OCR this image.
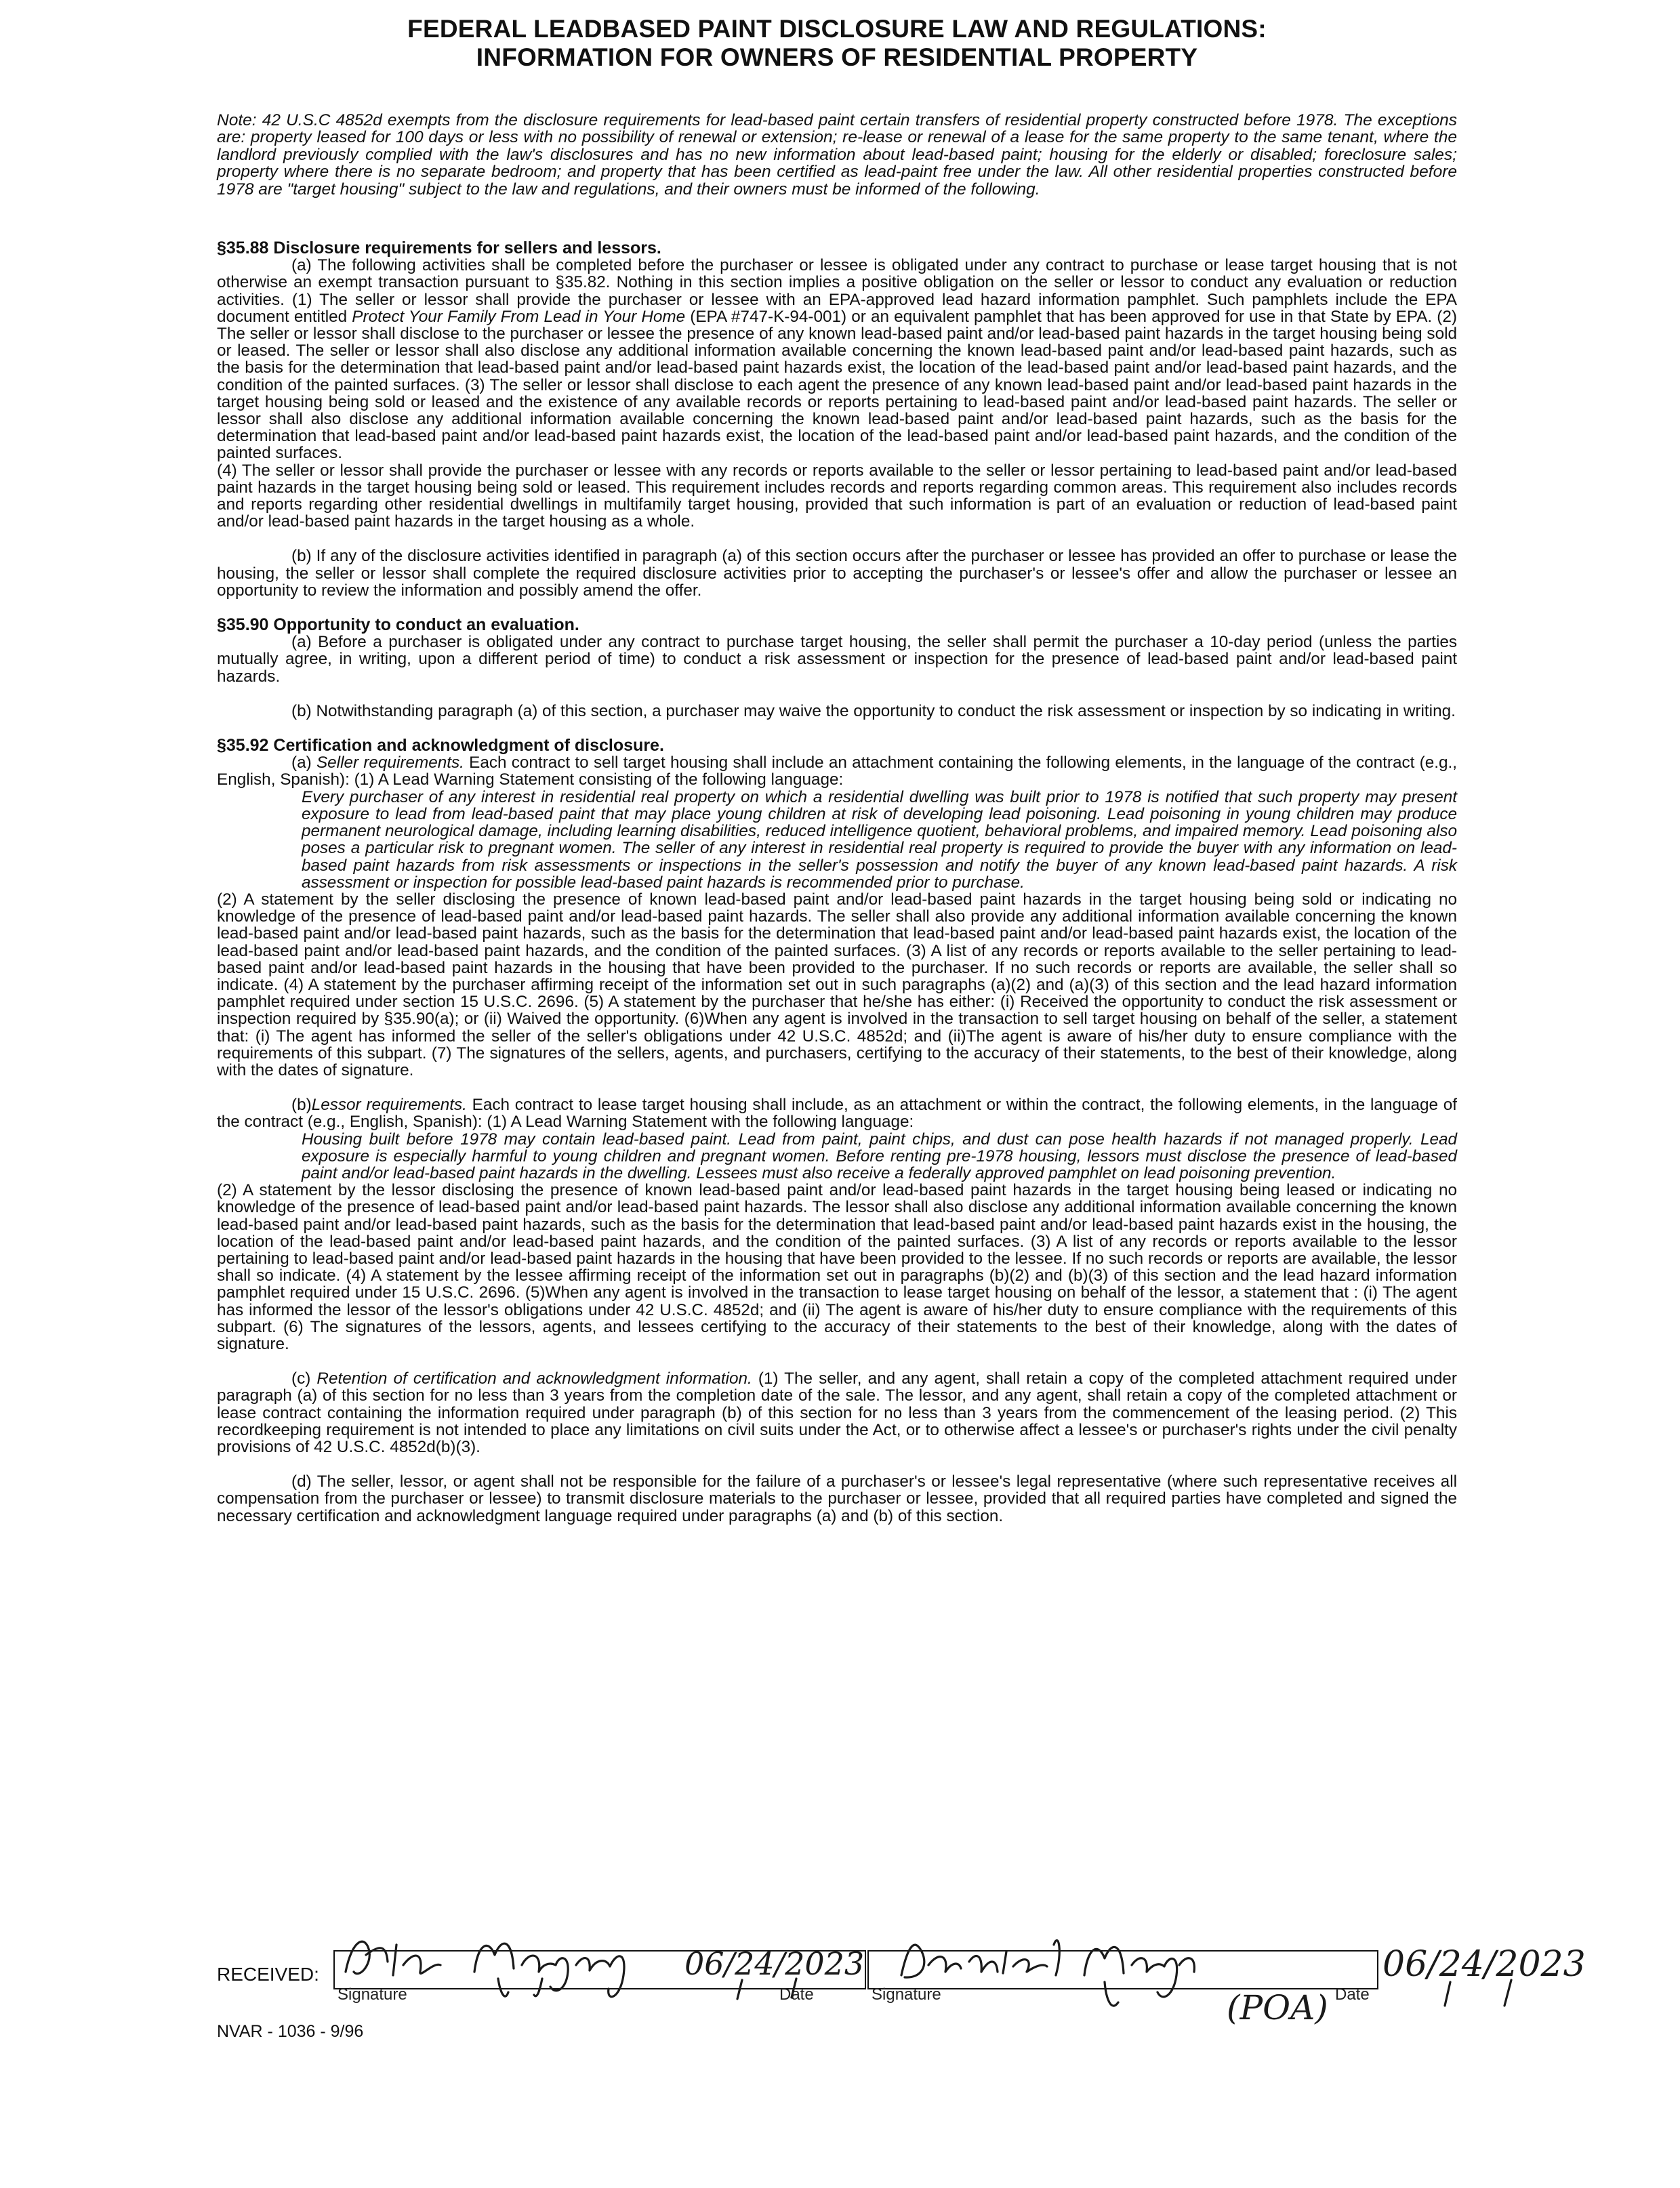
FEDERAL LEADBASED PAINT DISCLOSURE LAW AND REGULATIONS:
INFORMATION FOR OWNERS OF RESIDENTIAL PROPERTY

Note: 42 U.S.C 4852d exempts from the disclosure requirements for lead-based paint certain transfers of residential property constructed before 1978. The exceptions are: property leased for 100 days or less with no possibility of renewal or extension; re-lease or renewal of a lease for the same property to the same tenant, where the landlord previously complied with the law's disclosures and has no new information about lead-based paint; housing for the elderly or disabled; foreclosure sales; property where there is no separate bedroom; and property that has been certified as lead-paint free under the law. All other residential properties constructed before 1978 are "target housing" subject to the law and regulations, and their owners must be informed of the following.

§35.88 Disclosure requirements for sellers and lessors.

(a) The following activities shall be completed before the purchaser or lessee is obligated under any contract to purchase or lease target housing that is not otherwise an exempt transaction pursuant to §35.82. Nothing in this section implies a positive obligation on the seller or lessor to conduct any evaluation or reduction activities. (1) The seller or lessor shall provide the purchaser or lessee with an EPA-approved lead hazard information pamphlet. Such pamphlets include the EPA document entitled Protect Your Family From Lead in Your Home (EPA #747-K-94-001) or an equivalent pamphlet that has been approved for use in that State by EPA. (2) The seller or lessor shall disclose to the purchaser or lessee the presence of any known lead-based paint and/or lead-based paint hazards in the target housing being sold or leased. The seller or lessor shall also disclose any additional information available concerning the known lead-based paint and/or lead-based paint hazards, such as the basis for the determination that lead-based paint and/or lead-based paint hazards exist, the location of the lead-based paint and/or lead-based paint hazards, and the condition of the painted surfaces. (3) The seller or lessor shall disclose to each agent the presence of any known lead-based paint and/or lead-based paint hazards in the target housing being sold or leased and the existence of any available records or reports pertaining to lead-based paint and/or lead-based paint hazards. The seller or lessor shall also disclose any additional information available concerning the known lead-based paint and/or lead-based paint hazards, such as the basis for the determination that lead-based paint and/or lead-based paint hazards exist, the location of the lead-based paint and/or lead-based paint hazards, and the condition of the painted surfaces.

(4) The seller or lessor shall provide the purchaser or lessee with any records or reports available to the seller or lessor pertaining to lead-based paint and/or lead-based paint hazards in the target housing being sold or leased. This requirement includes records and reports regarding common areas. This requirement also includes records and reports regarding other residential dwellings in multifamily target housing, provided that such information is part of an evaluation or reduction of lead-based paint and/or lead-based paint hazards in the target housing as a whole.

(b) If any of the disclosure activities identified in paragraph (a) of this section occurs after the purchaser or lessee has provided an offer to purchase or lease the housing, the seller or lessor shall complete the required disclosure activities prior to accepting the purchaser's or lessee's offer and allow the purchaser or lessee an opportunity to review the information and possibly amend the offer.

§35.90 Opportunity to conduct an evaluation.

(a) Before a purchaser is obligated under any contract to purchase target housing, the seller shall permit the purchaser a 10-day period (unless the parties mutually agree, in writing, upon a different period of time) to conduct a risk assessment or inspection for the presence of lead-based paint and/or lead-based paint hazards.

(b) Notwithstanding paragraph (a) of this section, a purchaser may waive the opportunity to conduct the risk assessment or inspection by so indicating in writing.

§35.92 Certification and acknowledgment of disclosure.

(a) Seller requirements. Each contract to sell target housing shall include an attachment containing the following elements, in the language of the contract (e.g., English, Spanish): (1) A Lead Warning Statement consisting of the following language:

Every purchaser of any interest in residential real property on which a residential dwelling was built prior to 1978 is notified that such property may present exposure to lead from lead-based paint that may place young children at risk of developing lead poisoning. Lead poisoning in young children may produce permanent neurological damage, including learning disabilities, reduced intelligence quotient, behavioral problems, and impaired memory. Lead poisoning also poses a particular risk to pregnant women. The seller of any interest in residential real property is required to provide the buyer with any information on lead-based paint hazards from risk assessments or inspections in the seller's possession and notify the buyer of any known lead-based paint hazards. A risk assessment or inspection for possible lead-based paint hazards is recommended prior to purchase.

(2) A statement by the seller disclosing the presence of known lead-based paint and/or lead-based paint hazards in the target housing being sold or indicating no knowledge of the presence of lead-based paint and/or lead-based paint hazards. The seller shall also provide any additional information available concerning the known lead-based paint and/or lead-based paint hazards, such as the basis for the determination that lead-based paint and/or lead-based paint hazards exist, the location of the lead-based paint and/or lead-based paint hazards, and the condition of the painted surfaces. (3) A list of any records or reports available to the seller pertaining to lead-based paint and/or lead-based paint hazards in the housing that have been provided to the purchaser. If no such records or reports are available, the seller shall so indicate. (4) A statement by the purchaser affirming receipt of the information set out in such paragraphs (a)(2) and (a)(3) of this section and the lead hazard information pamphlet required under section 15 U.S.C. 2696. (5) A statement by the purchaser that he/she has either: (i) Received the opportunity to conduct the risk assessment or inspection required by §35.90(a); or (ii) Waived the opportunity. (6)When any agent is involved in the transaction to sell target housing on behalf of the seller, a statement that: (i) The agent has informed the seller of the seller's obligations under 42 U.S.C. 4852d; and (ii)The agent is aware of his/her duty to ensure compliance with the requirements of this subpart. (7) The signatures of the sellers, agents, and purchasers, certifying to the accuracy of their statements, to the best of their knowledge, along with the dates of signature.

(b)Lessor requirements. Each contract to lease target housing shall include, as an attachment or within the contract, the following elements, in the language of the contract (e.g., English, Spanish): (1) A Lead Warning Statement with the following language:

Housing built before 1978 may contain lead-based paint. Lead from paint, paint chips, and dust can pose health hazards if not managed properly. Lead exposure is especially harmful to young children and pregnant women. Before renting pre-1978 housing, lessors must disclose the presence of lead-based paint and/or lead-based paint hazards in the dwelling. Lessees must also receive a federally approved pamphlet on lead poisoning prevention.

(2) A statement by the lessor disclosing the presence of known lead-based paint and/or lead-based paint hazards in the target housing being leased or indicating no knowledge of the presence of lead-based paint and/or lead-based paint hazards. The lessor shall also disclose any additional information available concerning the known lead-based paint and/or lead-based paint hazards, such as the basis for the determination that lead-based paint and/or lead-based paint hazards exist in the housing, the location of the lead-based paint and/or lead-based paint hazards, and the condition of the painted surfaces. (3) A list of any records or reports available to the lessor pertaining to lead-based paint and/or lead-based paint hazards in the housing that have been provided to the lessee. If no such records or reports are available, the lessor shall so indicate. (4) A statement by the lessee affirming receipt of the information set out in paragraphs (b)(2) and (b)(3) of this section and the lead hazard information pamphlet required under 15 U.S.C. 2696. (5)When any agent is involved in the transaction to lease target housing on behalf of the lessor, a statement that : (i) The agent has informed the lessor of the lessor's obligations under 42 U.S.C. 4852d; and (ii) The agent is aware of his/her duty to ensure compliance with the requirements of this subpart. (6) The signatures of the lessors, agents, and lessees certifying to the accuracy of their statements to the best of their knowledge, along with the dates of signature.

(c) Retention of certification and acknowledgment information. (1) The seller, and any agent, shall retain a copy of the completed attachment required under paragraph (a) of this section for no less than 3 years from the completion date of the sale. The lessor, and any agent, shall retain a copy of the completed attachment or lease contract containing the information required under paragraph (b) of this section for no less than 3 years from the commencement of the leasing period. (2) This recordkeeping requirement is not intended to place any limitations on civil suits under the Act, or to otherwise affect a lessee's or purchaser's rights under the civil penalty provisions of 42 U.S.C. 4852d(b)(3).

(d) The seller, lessor, or agent shall not be responsible for the failure of a purchaser's or lessee's legal representative (where such representative receives all compensation from the purchaser or lessee) to transmit disclosure materials to the purchaser or lessee, provided that all required parties have completed and signed the necessary certification and acknowledgment language required under paragraphs (a) and (b) of this section.

RECEIVED:
Signature	Date	Signature	Date
06/24/2023	06/24/2023
(POA)
NVAR - 1036 - 9/96
